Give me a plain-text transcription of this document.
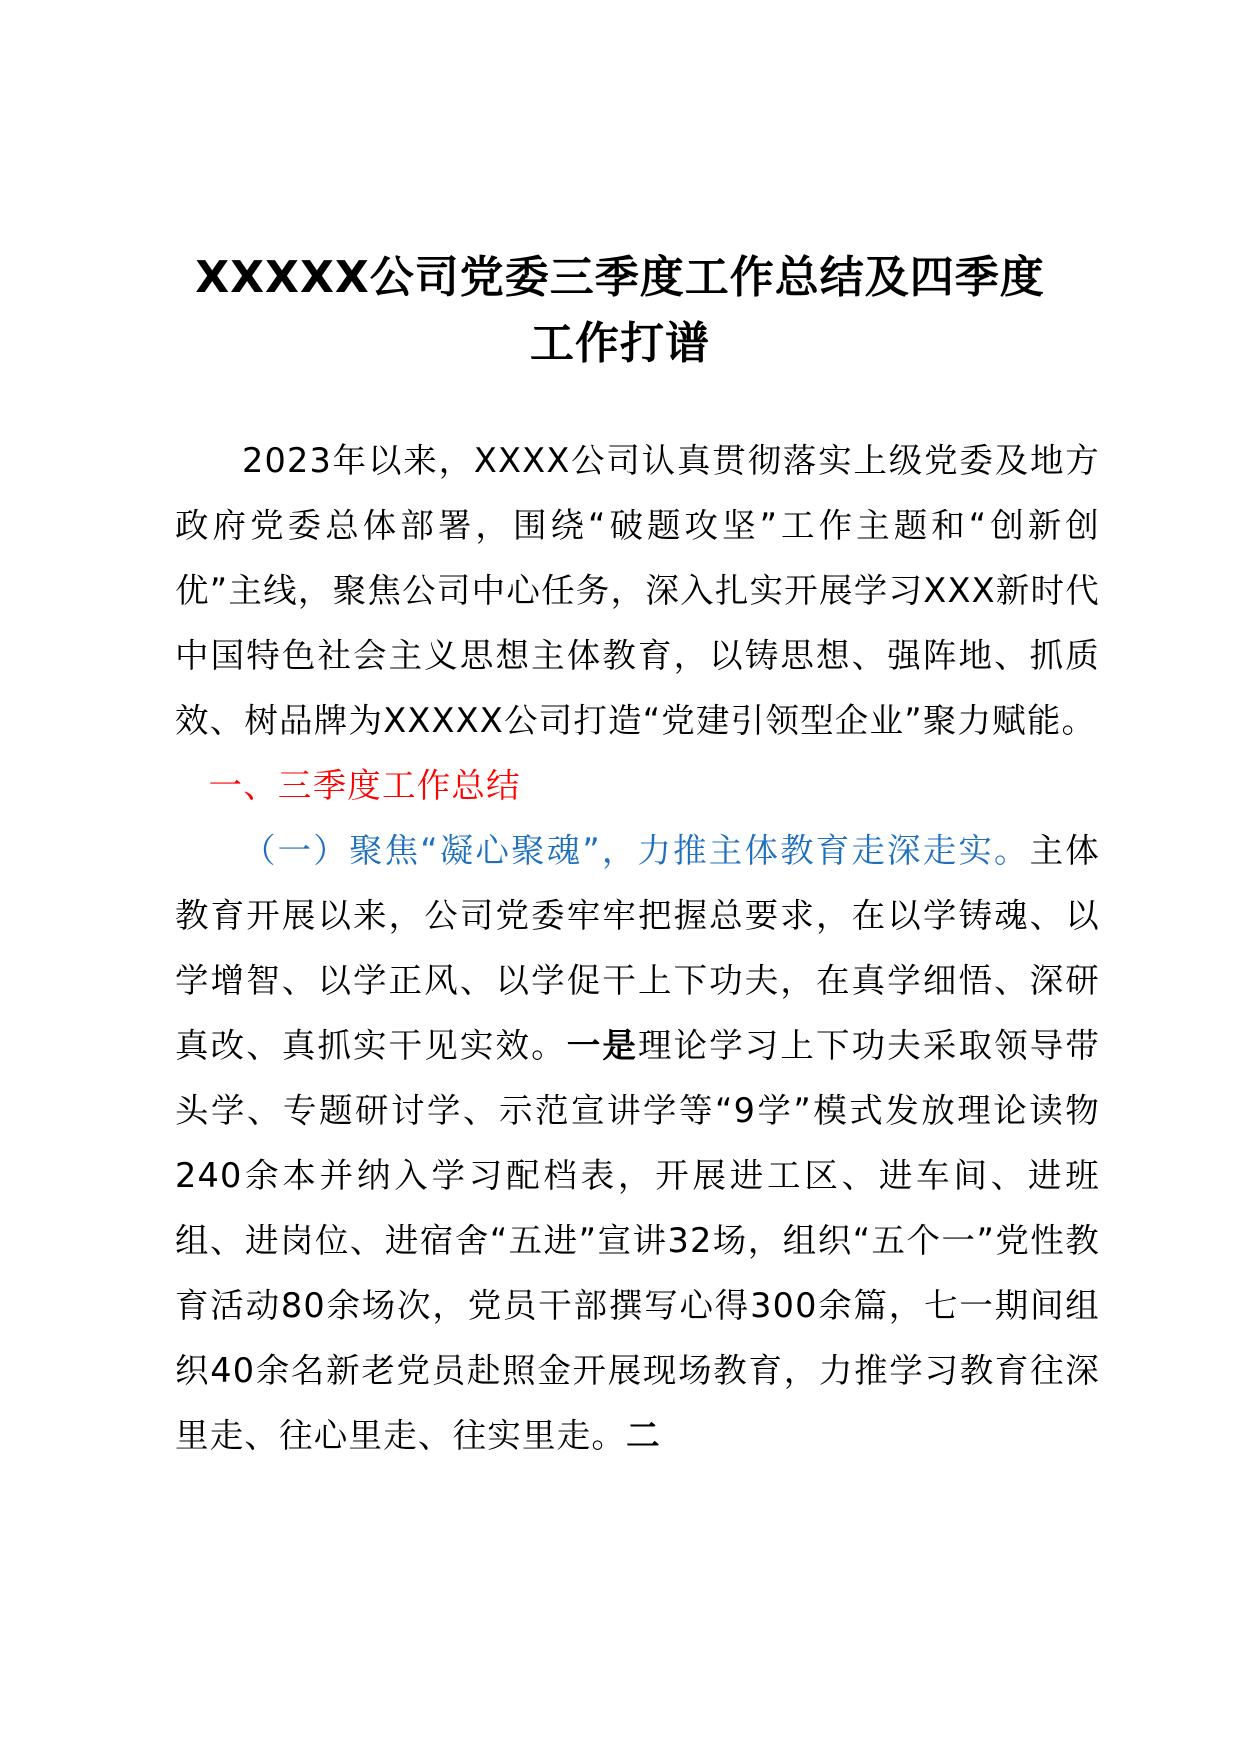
XXXXX公司党委三季度工作总结及四季度
工作打谱

2023年以来，XXXX公司认真贯彻落实上级党委及地方政府党委总体部署，围绕“破题攻坚”工作主题和“创新创优”主线，聚焦公司中心任务，深入扎实开展学习XXX新时代中国特色社会主义思想主体教育，以铸思想、强阵地、抓质效、树品牌为XXXXX公司打造“党建引领型企业”聚力赋能。

一、三季度工作总结

（一）聚焦“凝心聚魂”，力推主体教育走深走实。主体教育开展以来，公司党委牢牢把握总要求，在以学铸魂、以学增智、以学正风、以学促干上下功夫，在真学细悟、深研真改、真抓实干见实效。一是理论学习上下功夫采取领导带头学、专题研讨学、示范宣讲学等“9学”模式发放理论读物240余本并纳入学习配档表，开展进工区、进车间、进班组、进岗位、进宿舍“五进”宣讲32场，组织“五个一”党性教育活动80余场次，党员干部撰写心得300余篇，七一期间组织40余名新老党员赴照金开展现场教育，力推学习教育往深里走、往心里走、往实里走。二
